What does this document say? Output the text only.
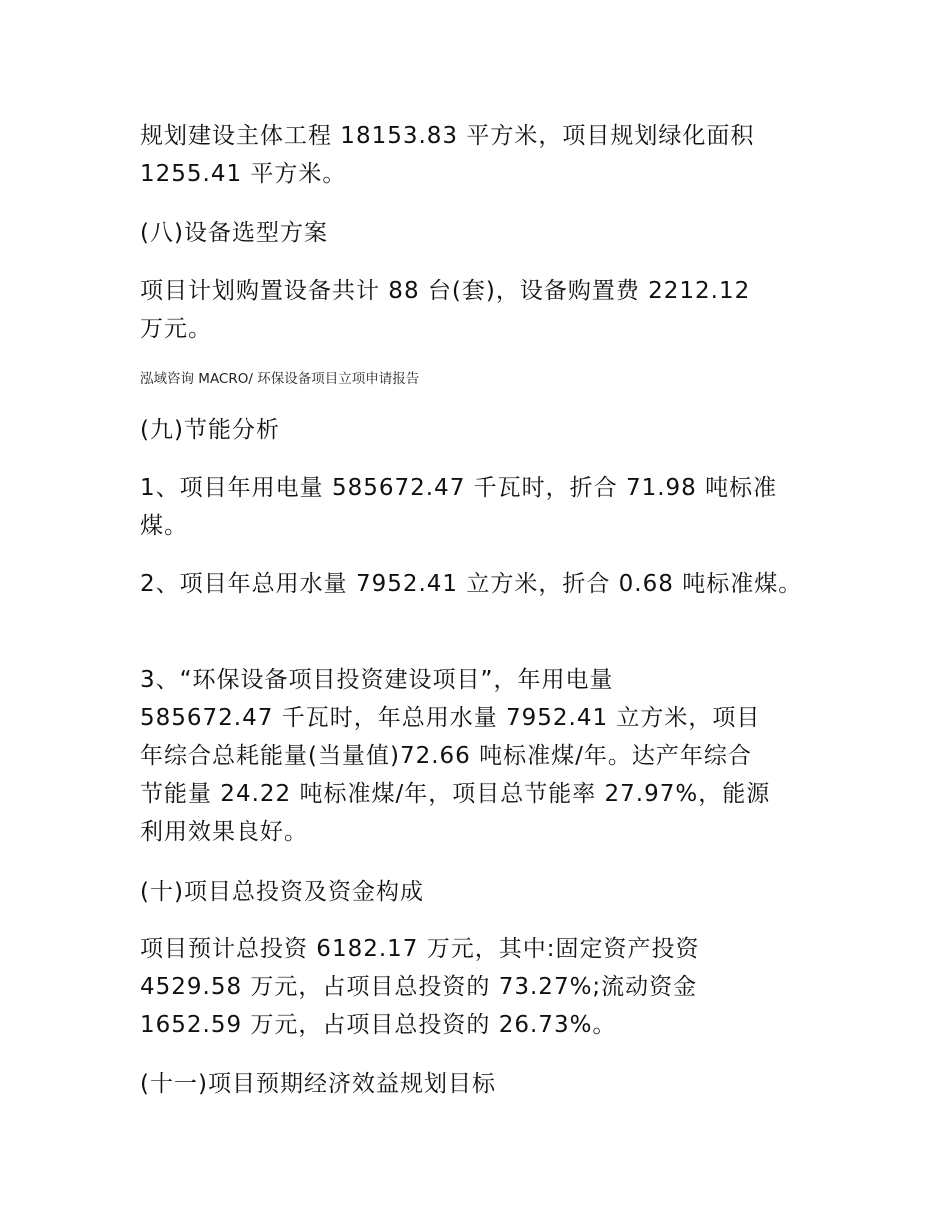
规划建设主体工程 18153.83 平方米，项目规划绿化面积
1255.41 平方米。

(八)设备选型方案

项目计划购置设备共计 88 台(套)，设备购置费 2212.12
万元。

泓域咨询 MACRO/ 环保设备项目立项申请报告

(九)节能分析

1、项目年用电量 585672.47 千瓦时，折合 71.98 吨标准
煤。

2、项目年总用水量 7952.41 立方米，折合 0.68 吨标准煤。

3、“环保设备项目投资建设项目”，年用电量
585672.47 千瓦时，年总用水量 7952.41 立方米，项目
年综合总耗能量(当量值)72.66 吨标准煤/年。达产年综合
节能量 24.22 吨标准煤/年，项目总节能率 27.97%，能源
利用效果良好。

(十)项目总投资及资金构成

项目预计总投资 6182.17 万元，其中:固定资产投资
4529.58 万元，占项目总投资的 73.27%;流动资金
1652.59 万元，占项目总投资的 26.73%。

(十一)项目预期经济效益规划目标
